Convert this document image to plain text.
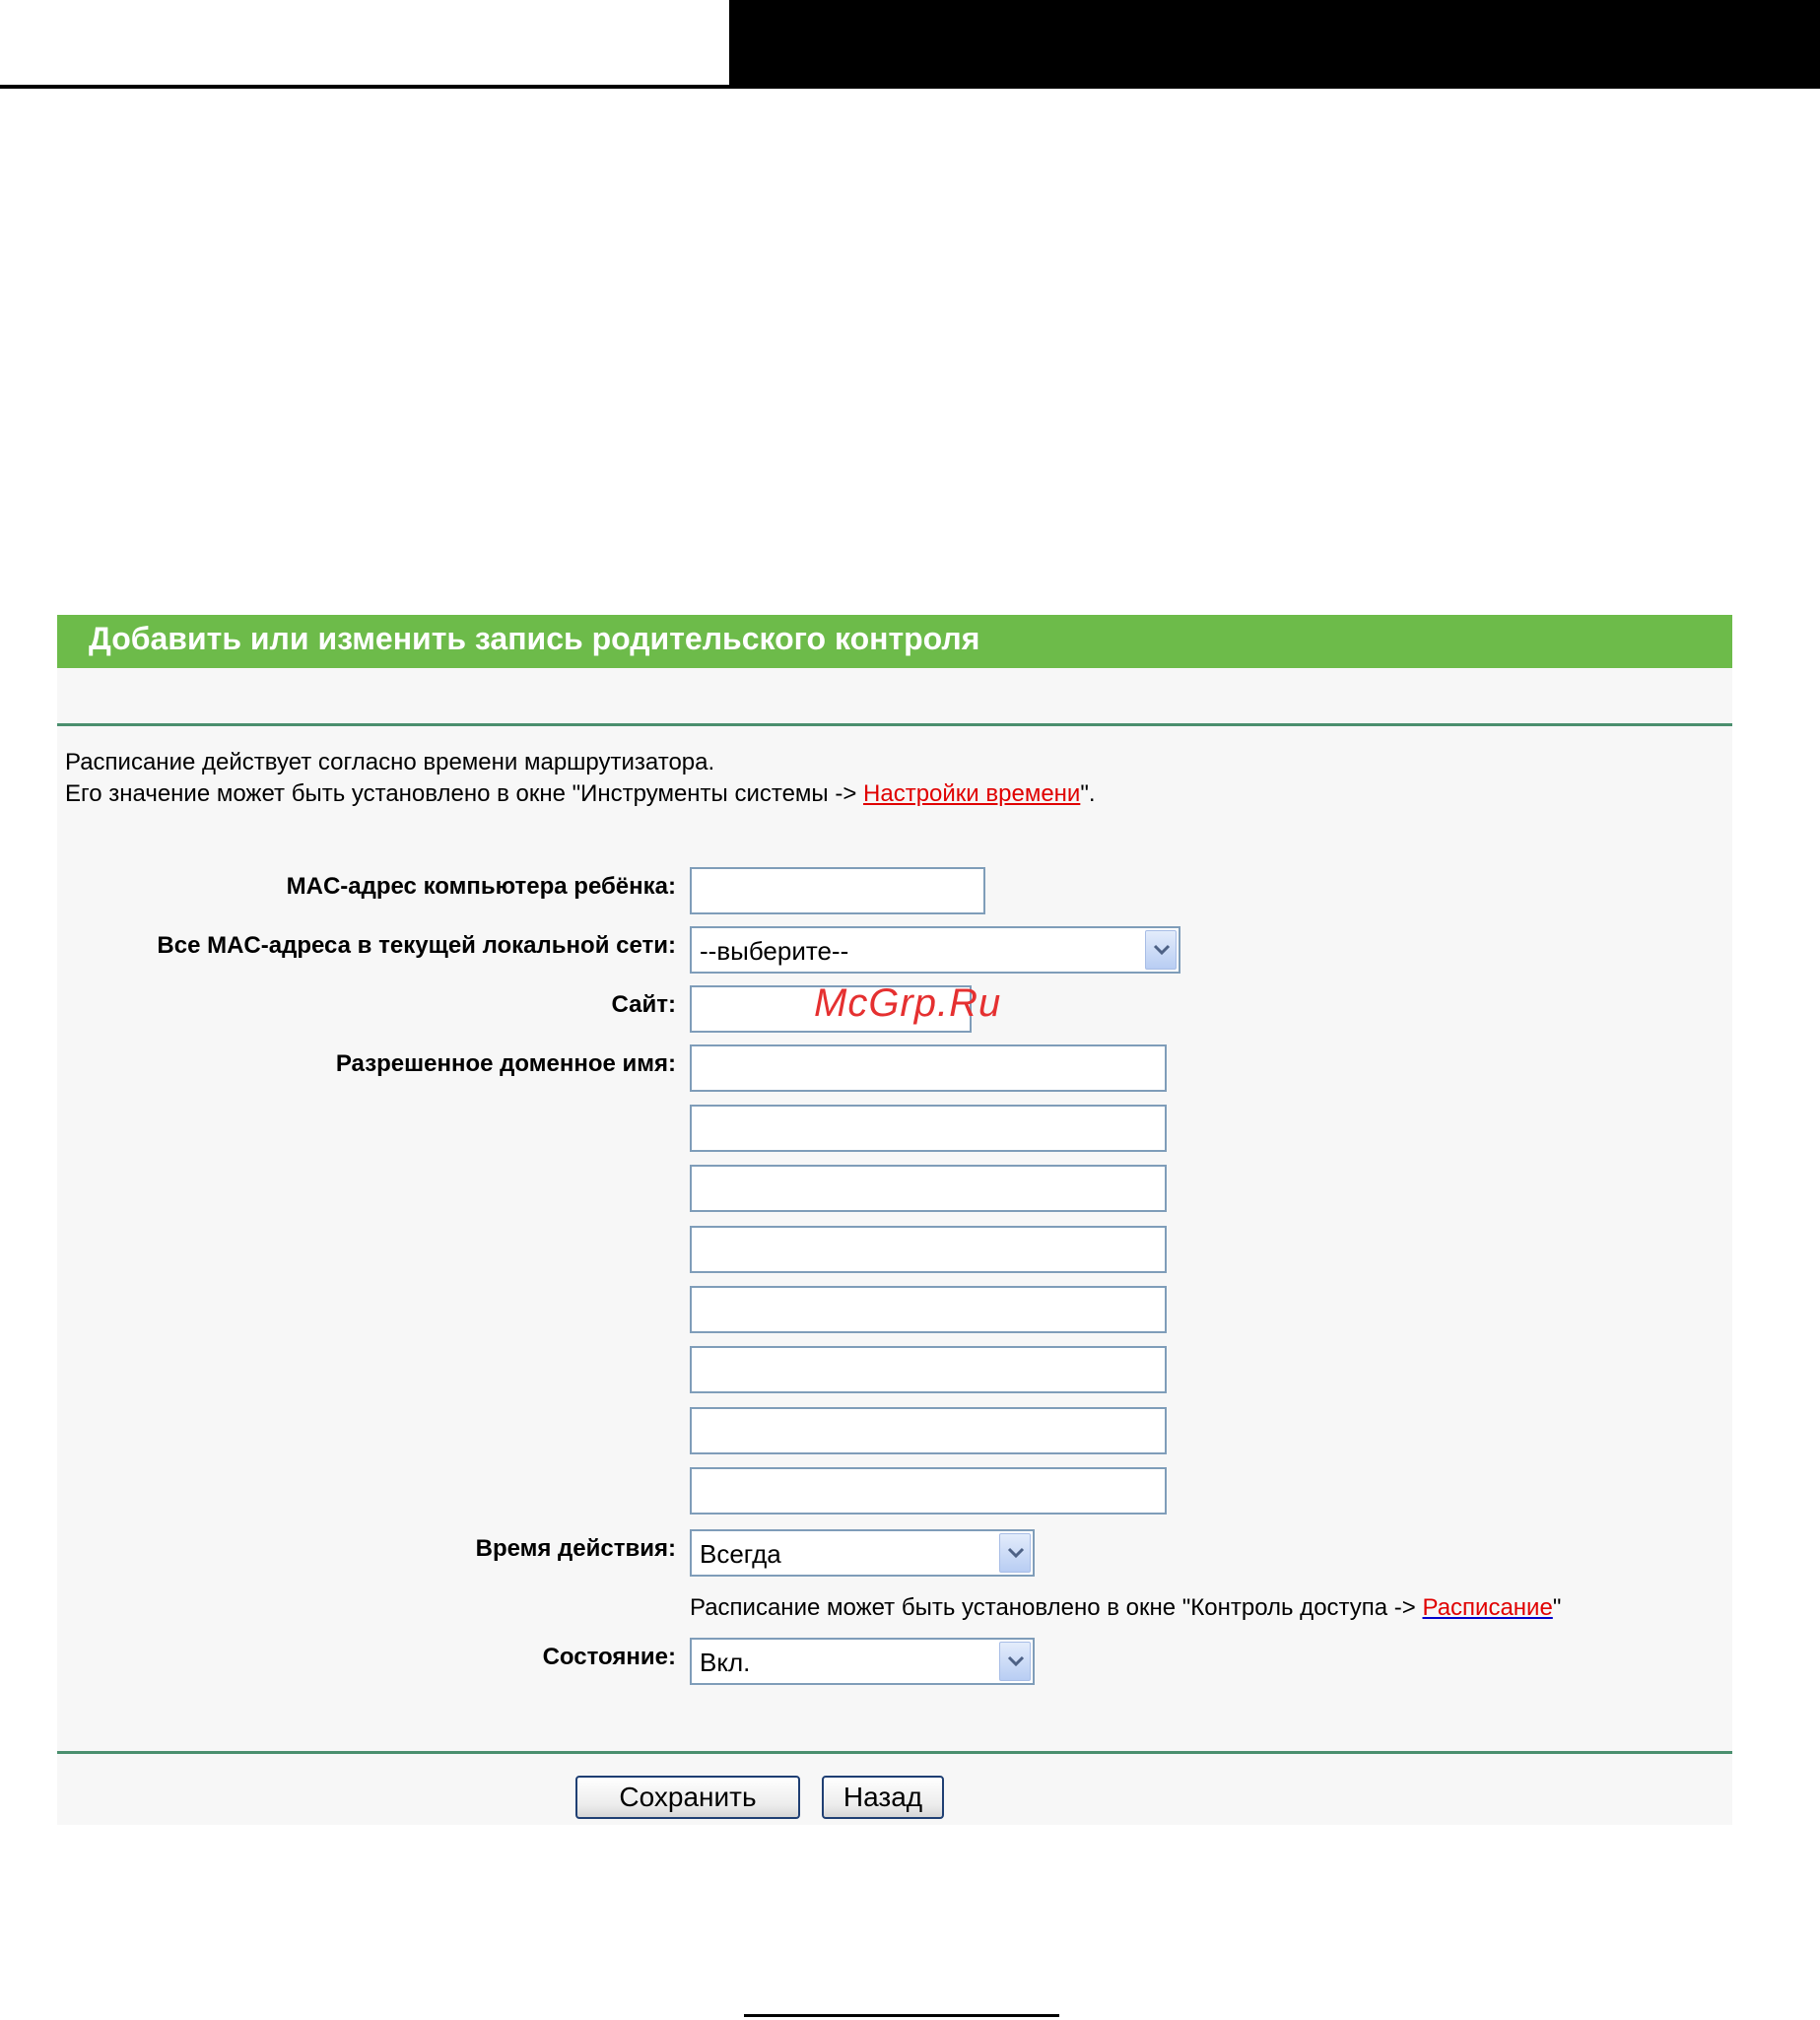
Добавить или изменить запись родительского контроля
Расписание действует согласно времени маршрутизатора.
Его значение может быть установлено в окне "Инструменты системы -> Настройки времени".
MAC-адрес компьютера ребёнка:
Все MAC-адреса в текущей локальной сети: --выберите--
Сайт:
Разрешенное доменное имя:
Время действия: Всегда
Расписание может быть установлено в окне "Контроль доступа -> Расписание"
Состояние: Вкл.
Сохранить	Назад
McGrp.Ru
